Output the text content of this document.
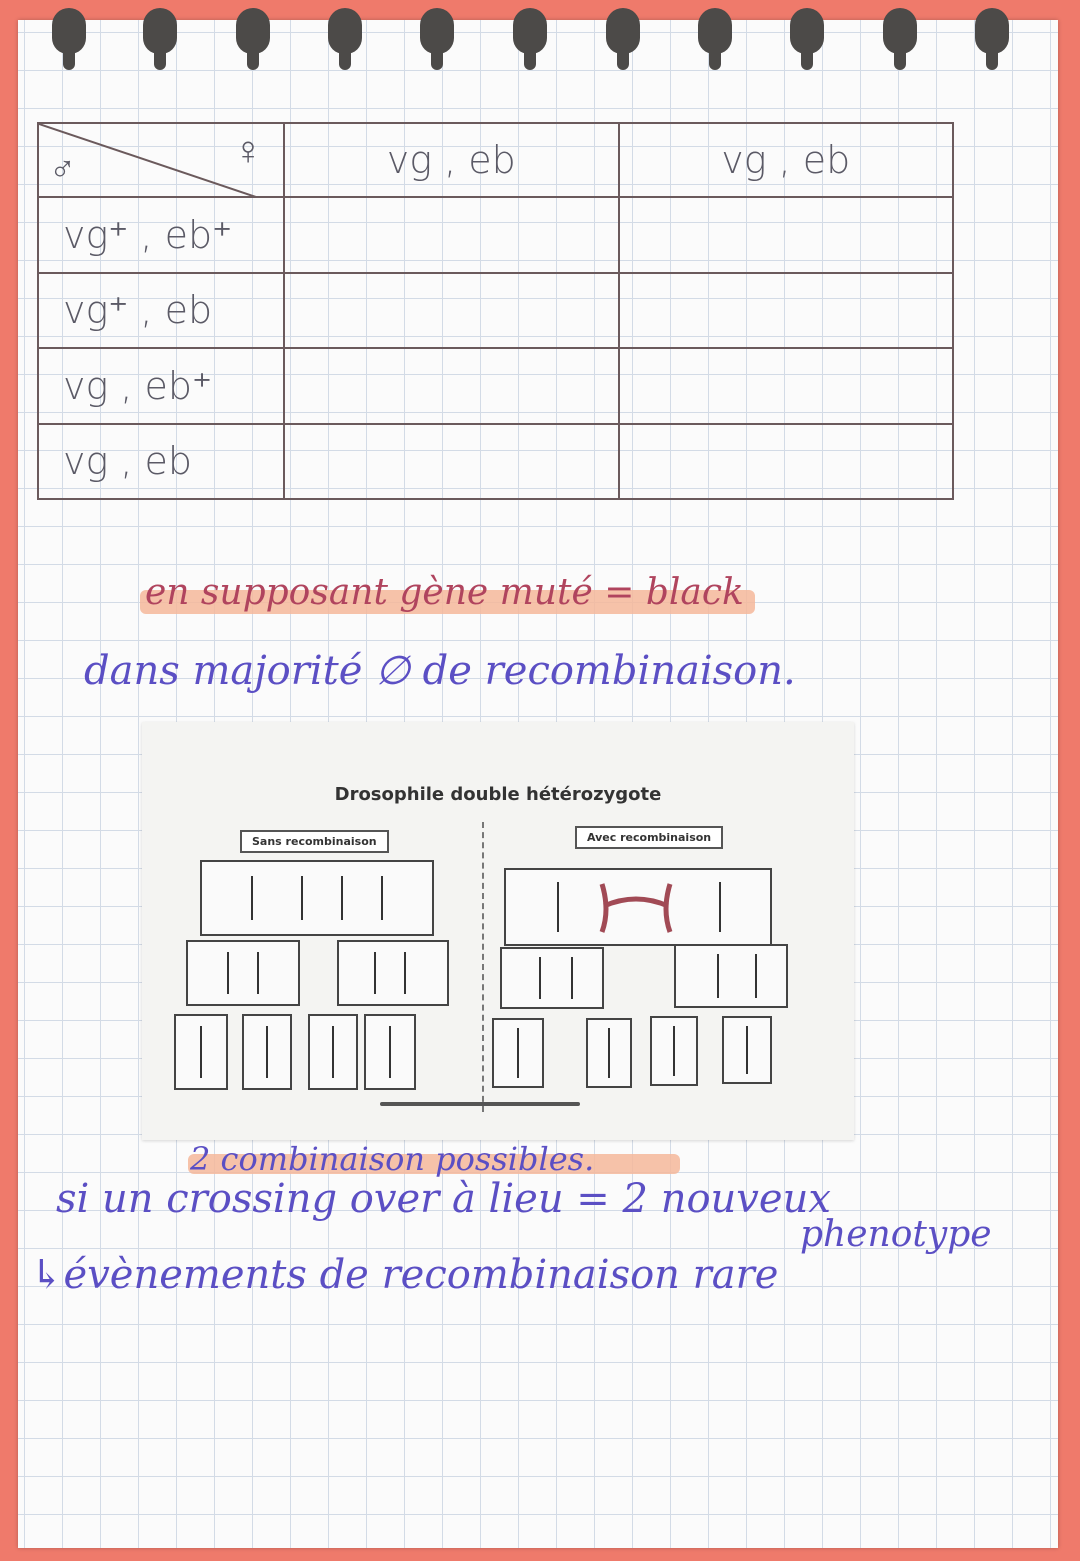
♂ ♀	vg , eb	vg , eb
vg⁺ , eb⁺		
vg⁺ , eb		
vg , eb⁺		
vg , eb		
en supposant gène muté = black
dans majorité ∅ de recombinaison.
Drosophile double hétérozygote
Sans recombinaison	Avec recombinaison
2 combinaison possibles.
si un crossing over à lieu = 2 nouveux
phenotype
↳évènements de recombinaison rare
